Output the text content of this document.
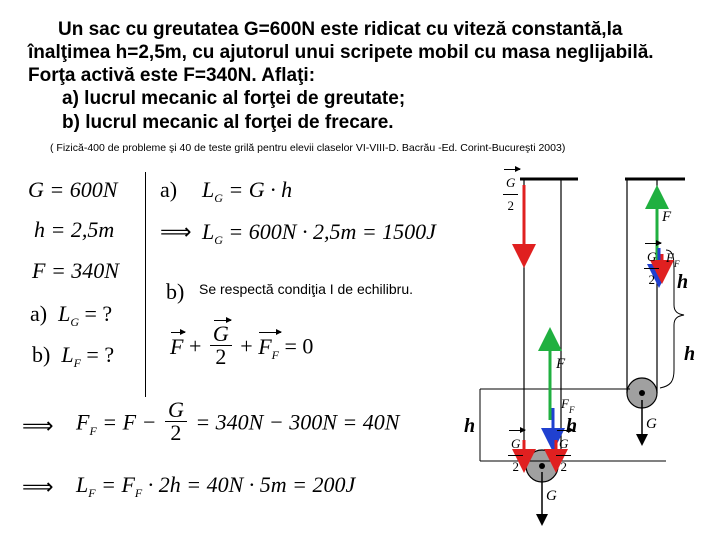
Un sac cu greutatea G=600N este ridicat cu viteză constantă,la
înalţimea h=2,5m, cu ajutorul unui scripete mobil cu masa neglijabilă.
Forţa activă este F=340N. Aflaţi:
a) lucrul mecanic al forţei de greutate;
b) lucrul mecanic al forţei de frecare.
( Fizică-400 de probleme şi 40 de teste grilă pentru elevii claselor VI-VIII-D. Bacrău -Ed. Corint-Bucureşti 2003)
G = 600N
h = 2,5m
F = 340N
a) $L_G$ = ?
b) $L_F$ = ?
a) $L_G = G \cdot h$
⟹ $L_G = 600N \cdot 2,5m = 1500J$
b) Se respectă condiţia I de echilibru.
$F + \frac{G}{2} + F_F = 0$
⟹ $F_F = F - \frac{G}{2} = 340N - 300N = 40N$
⟹ $L_F = F_F \cdot 2h = 40N \cdot 5m = 200J$
$\frac{G}{2}$	F
$\frac{G}{2} F_F$
h
h
F
$F_F$
G
h	h
$\frac{G}{2}$	$\frac{G}{2}$
G
